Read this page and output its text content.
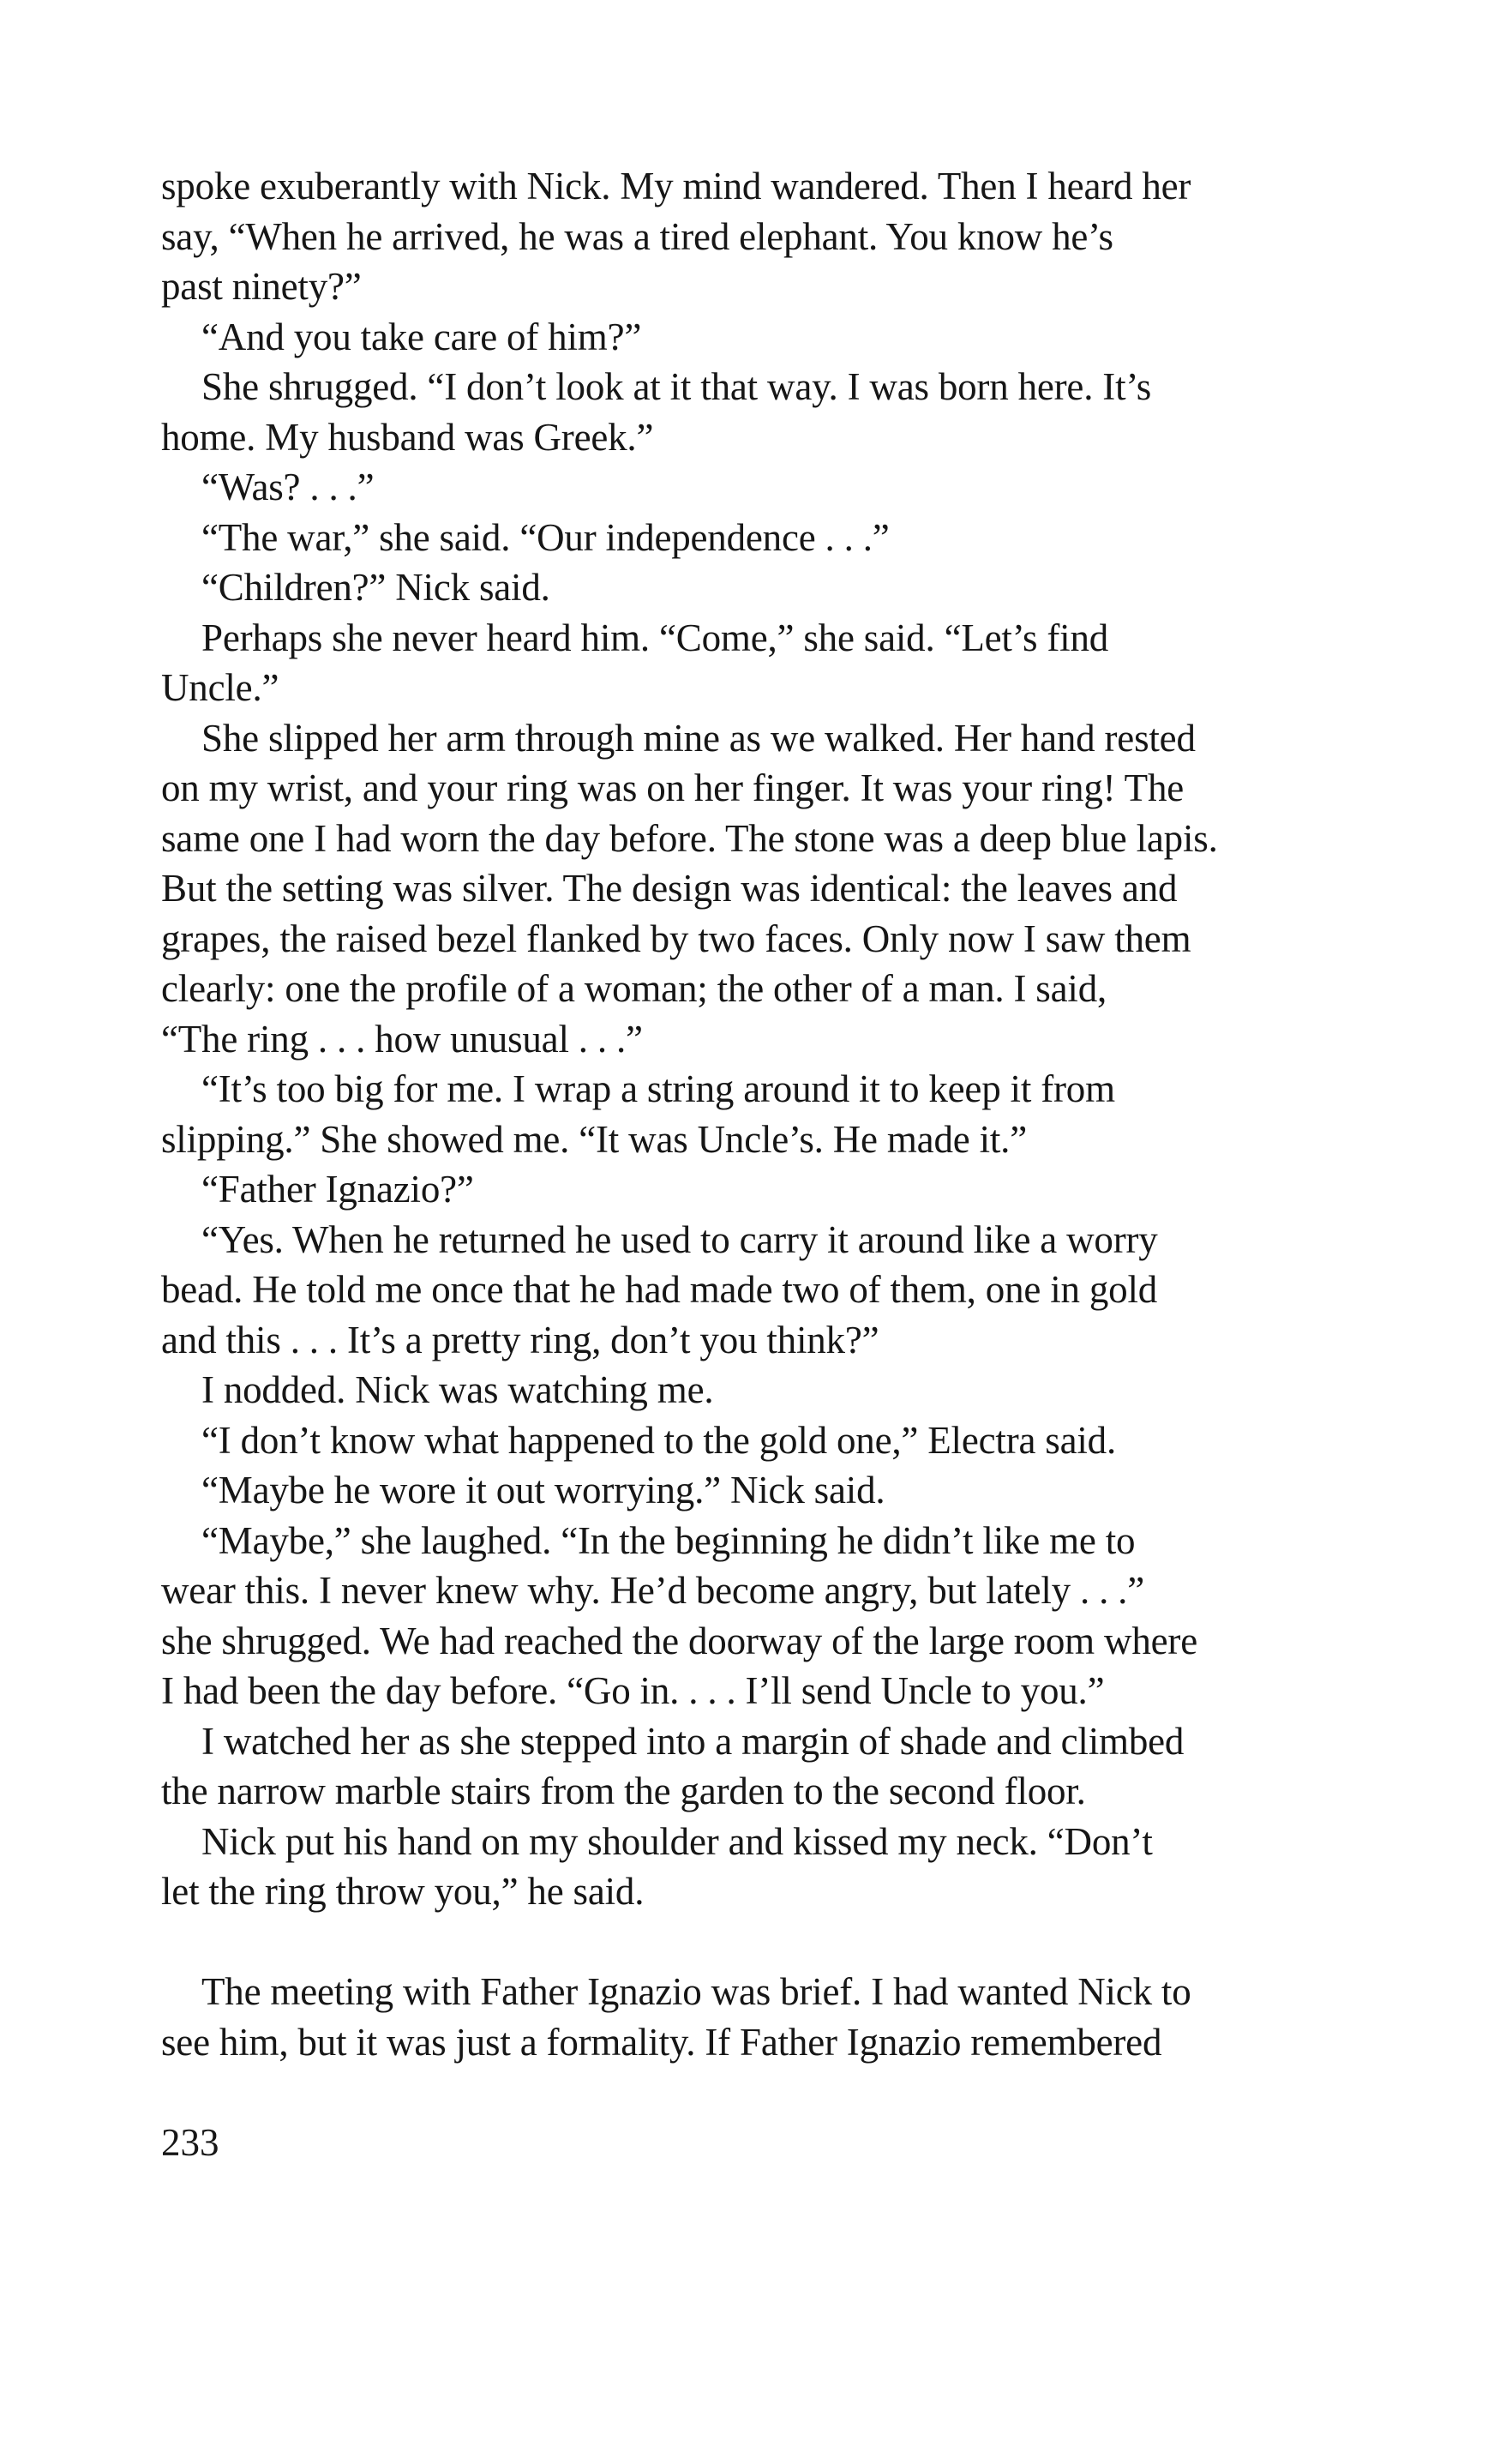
spoke exuberantly with Nick. My mind wandered. Then I heard her
say, “When he arrived, he was a tired elephant. You know he’s
past ninety?”
“And you take care of him?”
She shrugged. “I don’t look at it that way. I was born here. It’s
home. My husband was Greek.”
“Was? . . .”
“The war,” she said. “Our independence . . .”
“Children?” Nick said.
Perhaps she never heard him. “Come,” she said. “Let’s find
Uncle.”
She slipped her arm through mine as we walked. Her hand rested
on my wrist, and your ring was on her finger. It was your ring! The
same one I had worn the day before. The stone was a deep blue lapis.
But the setting was silver. The design was identical: the leaves and
grapes, the raised bezel flanked by two faces. Only now I saw them
clearly: one the profile of a woman; the other of a man. I said,
“The ring . . . how unusual . . .”
“It’s too big for me. I wrap a string around it to keep it from
slipping.” She showed me. “It was Uncle’s. He made it.”
“Father Ignazio?”
“Yes. When he returned he used to carry it around like a worry
bead. He told me once that he had made two of them, one in gold
and this . . . It’s a pretty ring, don’t you think?”
I nodded. Nick was watching me.
“I don’t know what happened to the gold one,” Electra said.
“Maybe he wore it out worrying.” Nick said.
“Maybe,” she laughed. “In the beginning he didn’t like me to
wear this. I never knew why. He’d become angry, but lately . . .”
she shrugged. We had reached the doorway of the large room where
I had been the day before. “Go in. . . . I’ll send Uncle to you.”
I watched her as she stepped into a margin of shade and climbed
the narrow marble stairs from the garden to the second floor.
Nick put his hand on my shoulder and kissed my neck. “Don’t
let the ring throw you,” he said.
The meeting with Father Ignazio was brief. I had wanted Nick to
see him, but it was just a formality. If Father Ignazio remembered
233
